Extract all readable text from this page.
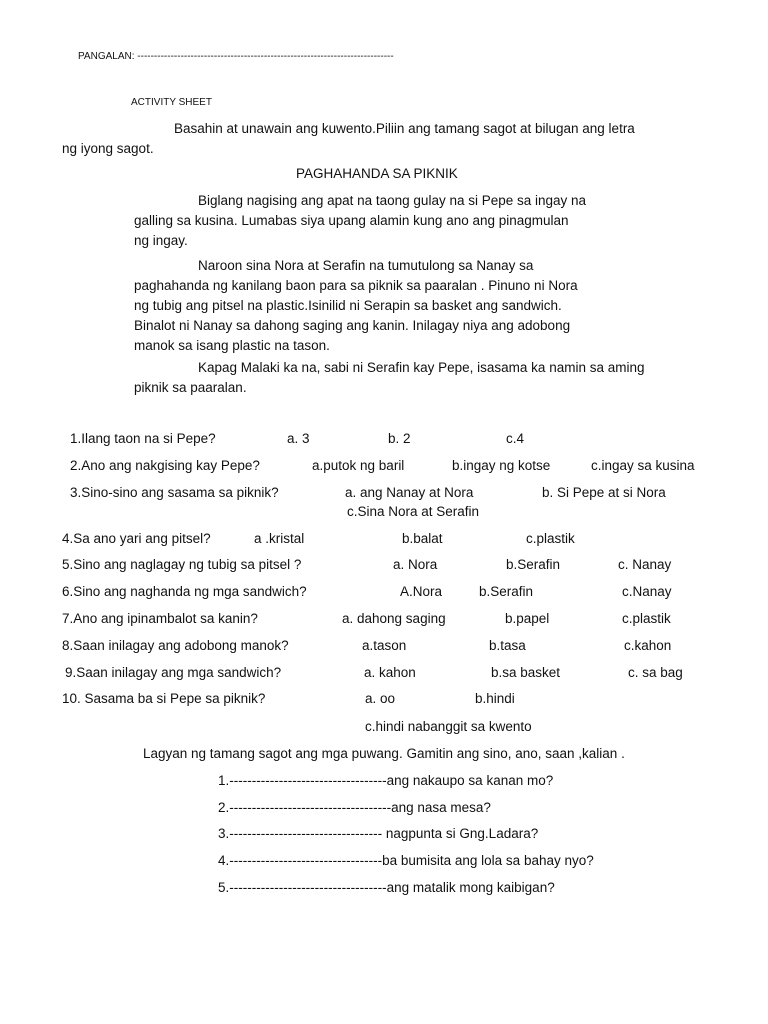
PANGALAN: -----------------------------------------------------------------------------
ACTIVITY SHEET
Basahin at unawain ang kuwento.Piliin ang tamang sagot at bilugan ang letra
ng iyong sagot.
PAGHAHANDA SA PIKNIK

Biglang nagising ang apat na taong gulay na si Pepe sa ingay na

galling sa kusina. Lumabas siya upang alamin kung ano ang pinagmulan

ng ingay.

Naroon sina Nora at Serafin na tumutulong sa Nanay sa

paghahanda ng kanilang baon para sa piknik sa paaralan . Pinuno ni Nora

ng tubig ang pitsel na plastic.Isinilid ni Serapin sa basket ang sandwich.

Binalot ni Nanay sa dahong saging ang kanin. Inilagay niya ang adobong

manok sa isang plastic na tason.

Kapag Malaki ka na, sabi ni Serafin kay Pepe, isasama ka namin sa aming

piknik sa paaralan.

1.Ilang taon na si Pepe?	a. 3	b. 2	c.4
2.Ano ang nakgising kay Pepe?	a.putok ng baril	b.ingay ng kotse	c.ingay sa kusina
3.Sino-sino ang sasama sa piknik?	a. ang Nanay at Nora	b. Si Pepe at si Nora
c.Sina Nora at Serafin
4.Sa ano yari ang pitsel?	a .kristal	b.balat	c.plastik
5.Sino ang naglagay ng tubig sa pitsel ?	a. Nora	b.Serafin	c. Nanay
6.Sino ang naghanda ng mga sandwich?	A.Nora	b.Serafin	c.Nanay
7.Ano ang ipinambalot sa kanin?	a. dahong saging	b.papel	c.plastik
8.Saan inilagay ang adobong manok?	a.tason	b.tasa	c.kahon
9.Saan inilagay ang mga sandwich?	a. kahon	b.sa basket	c. sa bag
10. Sasama ba si Pepe sa piknik?	a. oo	b.hindi
c.hindi nabanggit sa kwento
Lagyan ng tamang sagot ang mga puwang. Gamitin ang sino, ano, saan ,kalian .
1.-----------------------------------ang nakaupo sa kanan mo?
2.------------------------------------ang nasa mesa?
3.---------------------------------- nagpunta si Gng.Ladara?
4.----------------------------------ba bumisita ang lola sa bahay nyo?
5.-----------------------------------ang matalik mong kaibigan?
